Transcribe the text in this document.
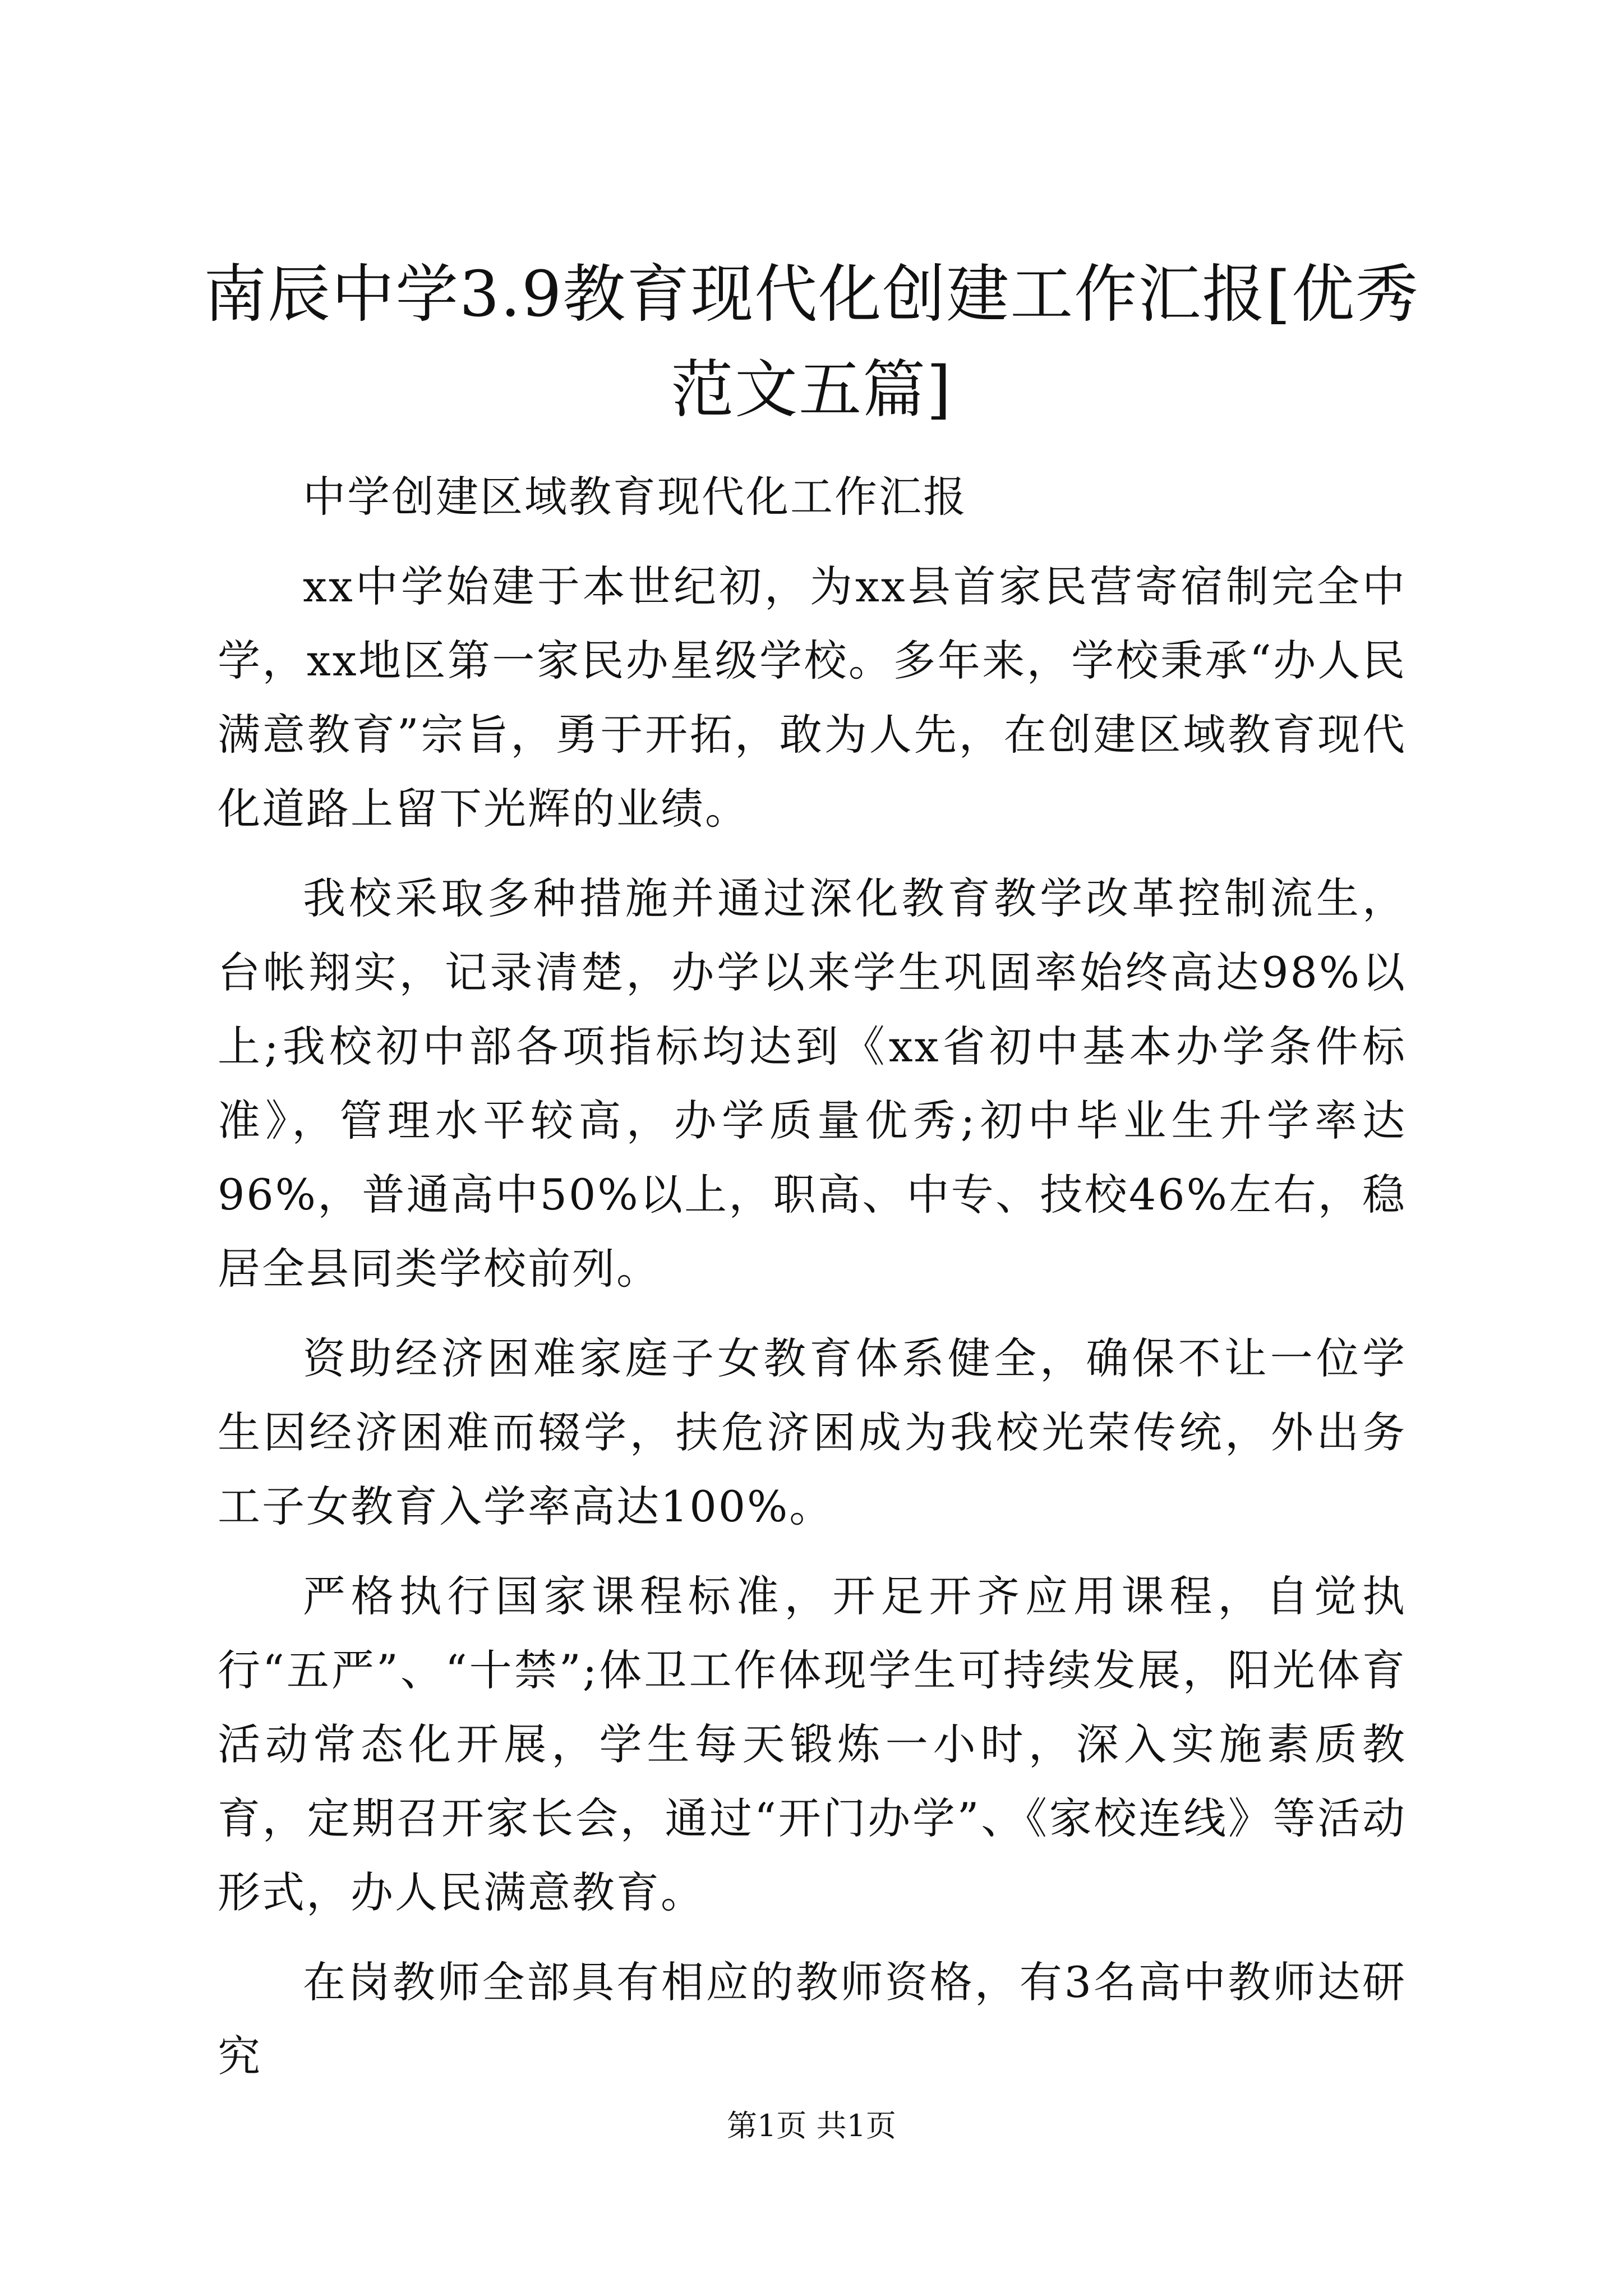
南辰中学3.9教育现代化创建工作汇报[优秀范文五篇]

中学创建区域教育现代化工作汇报

xx中学始建于本世纪初，为xx县首家民营寄宿制完全中学，xx地区第一家民办星级学校。多年来，学校秉承“办人民满意教育”宗旨，勇于开拓，敢为人先，在创建区域教育现代化道路上留下光辉的业绩。

我校采取多种措施并通过深化教育教学改革控制流生，台帐翔实，记录清楚，办学以来学生巩固率始终高达98%以上;我校初中部各项指标均达到《xx省初中基本办学条件标准》，管理水平较高，办学质量优秀;初中毕业生升学率达96%，普通高中50%以上，职高、中专、技校46%左右，稳居全县同类学校前列。

资助经济困难家庭子女教育体系健全，确保不让一位学生因经济困难而辍学，扶危济困成为我校光荣传统，外出务工子女教育入学率高达100%。

严格执行国家课程标准，开足开齐应用课程，自觉执行“五严”、“十禁”;体卫工作体现学生可持续发展，阳光体育活动常态化开展，学生每天锻炼一小时，深入实施素质教育，定期召开家长会，通过“开门办学”、《家校连线》等活动形式，办人民满意教育。

在岗教师全部具有相应的教师资格，有3名高中教师达研究

第1页 共1页
